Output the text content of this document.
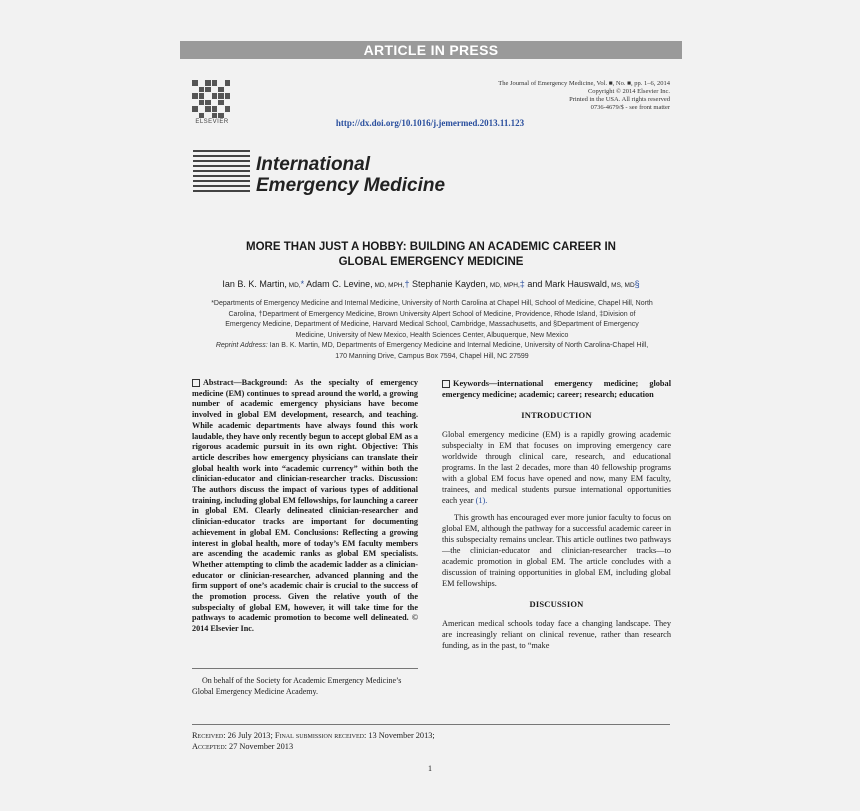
ARTICLE IN PRESS
ELSEVIER
The Journal of Emergency Medicine, Vol. ■, No. ■, pp. 1–6, 2014
Copyright © 2014 Elsevier Inc.
Printed in the USA. All rights reserved
0736-4679/$ - see front matter
http://dx.doi.org/10.1016/j.jemermed.2013.11.123
International
Emergency Medicine
MORE THAN JUST A HOBBY: BUILDING AN ACADEMIC CAREER IN
GLOBAL EMERGENCY MEDICINE
Ian B. K. Martin, MD,* Adam C. Levine, MD, MPH,† Stephanie Kayden, MD, MPH,‡ and Mark Hauswald, MS, MD§
*Departments of Emergency Medicine and Internal Medicine, University of North Carolina at Chapel Hill, School of Medicine, Chapel Hill, North
Carolina, †Department of Emergency Medicine, Brown University Alpert School of Medicine, Providence, Rhode Island, ‡Division of
Emergency Medicine, Department of Medicine, Harvard Medical School, Cambridge, Massachusetts, and §Department of Emergency
Medicine, University of New Mexico, Health Sciences Center, Albuquerque, New Mexico
Reprint Address: Ian B. K. Martin, MD, Departments of Emergency Medicine and Internal Medicine, University of North Carolina-Chapel Hill,
170 Manning Drive, Campus Box 7594, Chapel Hill, NC 27599
Abstract—Background: As the specialty of emergency medicine (EM) continues to spread around the world, a growing number of academic emergency physicians have become involved in global EM development, research, and teaching. While academic departments have always found this work laudable, they have only recently begun to accept global EM as a rigorous academic pursuit in its own right. Objective: This article describes how emergency physicians can translate their global health work into “academic currency” within both the clinician-educator and clinician-researcher tracks. Discussion: The authors discuss the impact of various types of additional training, including global EM fellowships, for launching a career in global EM. Clearly delineated clinician-researcher and clinician-educator tracks are important for documenting achievement in global EM. Conclusions: Reflecting a growing interest in global health, more of today’s EM faculty members are ascending the academic ranks as global EM specialists. Whether attempting to climb the academic ladder as a clinician-educator or clinician-researcher, advanced planning and the firm support of one’s academic chair is crucial to the success of the promotion process. Given the relative youth of the subspecialty of global EM, however, it will take time for the pathways to academic promotion to become well delineated. © 2014 Elsevier Inc.
On behalf of the Society for Academic Emergency Medicine’s Global Emergency Medicine Academy.
Keywords—international emergency medicine; global emergency medicine; academic; career; research; education
INTRODUCTION

Global emergency medicine (EM) is a rapidly growing academic subspecialty in EM that focuses on improving emergency care worldwide through clinical care, research, and educational programs. In the last 2 decades, more than 40 fellowship programs with a global EM focus have opened and now, many EM faculty, trainees, and medical students pursue international opportunities each year (1).

This growth has encouraged ever more junior faculty to focus on global EM, although the pathway for a successful academic career in this subspecialty remains unclear. This article outlines two pathways—the clinician-educator and clinician-researcher tracks—to academic promotion in global EM. The article concludes with a discussion of training opportunities in global EM, including global EM fellowships.

DISCUSSION

American medical schools today face a changing landscape. They are increasingly reliant on clinical revenue, rather than research funding, as in the past, to “make

Received: 26 July 2013; Final submission received: 13 November 2013;
Accepted: 27 November 2013
1
